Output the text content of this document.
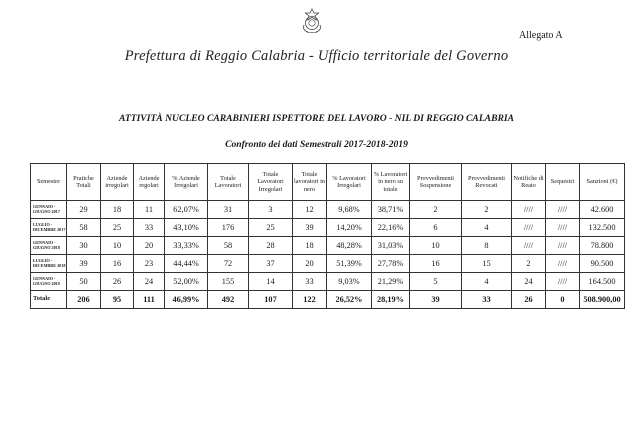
Allegato A
Prefettura di Reggio Calabria - Ufficio territoriale del Governo
ATTIVITÀ NUCLEO CARABINIERI ISPETTORE DEL LAVORO - NIL DI REGGIO CALABRIA
Confronto dei dati Semestrali 2017-2018-2019
Semestre	Pratiche Totali	Aziende irregolari	Aziende regolari	% Aziende Irregolari	Totale Lavoratori	Totale Lavoratori Irregolari	Totale lavoratori in nero	% Lavoratori Irregolari	% Lavoratori in nero su totale	Provvedimenti Sospensione	Provvedimenti Revocati	Notifiche di Reato	Sequestri	Sanzioni (€)
GENNAIO - GIUGNO 2017	29	18	11	62,07%	31	3	12	9,68%	38,71%	2	2	////	////	42.600
LUGLIO - DICEMBRE 2017	58	25	33	43,10%	176	25	39	14,20%	22,16%	6	4	////	////	132.500
GENNAIO - GIUGNO 2018	30	10	20	33,33%	58	28	18	48,28%	31,03%	10	8	////	////	78.800
LUGLIO - DICEMBRE 2018	39	16	23	44,44%	72	37	20	51,39%	27,78%	16	15	2	////	90.500
GENNAIO - GIUGNO 2019	50	26	24	52,00%	155	14	33	9,03%	21,29%	5	4	24	////	164.500
Totale	206	95	111	46,99%	492	107	122	26,52%	28,19%	39	33	26	0	508.900,00
